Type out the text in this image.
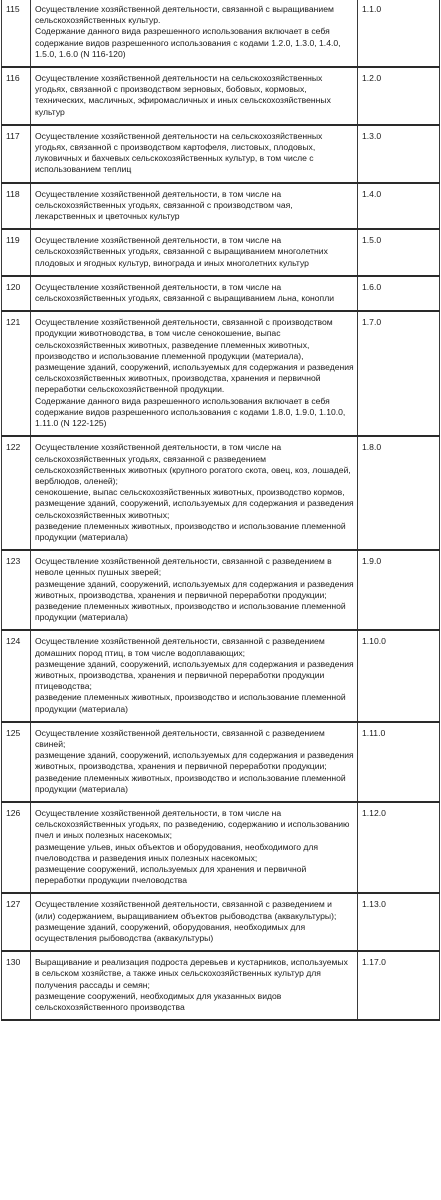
115	Осуществление хозяйственной деятельности, связанной с выращиванием сельскохозяйственных культур.
Содержание данного вида разрешенного использования включает в себя содержание видов разрешенного использования с кодами 1.2.0, 1.3.0, 1.4.0, 1.5.0, 1.6.0 (N 116-120)	1.1.0
116	Осуществление хозяйственной деятельности на сельскохозяйственных угодьях, связанной с производством зерновых, бобовых, кормовых, технических, масличных, эфиромасличных и иных сельскохозяйственных культур	1.2.0
117	Осуществление хозяйственной деятельности на сельскохозяйственных угодьях, связанной с производством картофеля, листовых, плодовых, луковичных и бахчевых сельскохозяйственных культур, в том числе с использованием теплиц	1.3.0
118	Осуществление хозяйственной деятельности, в том числе на сельскохозяйственных угодьях, связанной с производством чая, лекарственных и цветочных культур	1.4.0
119	Осуществление хозяйственной деятельности, в том числе на сельскохозяйственных угодьях, связанной с выращиванием многолетних плодовых и ягодных культур, винограда и иных многолетних культур	1.5.0
120	Осуществление хозяйственной деятельности, в том числе на сельскохозяйственных угодьях, связанной с выращиванием льна, конопли	1.6.0
121	Осуществление хозяйственной деятельности, связанной с производством продукции животноводства, в том числе сенокошение, выпас сельскохозяйственных животных, разведение племенных животных, производство и использование племенной продукции (материала), размещение зданий, сооружений, используемых для содержания и разведения сельскохозяйственных животных, производства, хранения и первичной переработки сельскохозяйственной продукции.
Содержание данного вида разрешенного использования включает в себя содержание видов разрешенного использования с кодами 1.8.0, 1.9.0, 1.10.0, 1.11.0 (N 122-125)	1.7.0
122	Осуществление хозяйственной деятельности, в том числе на сельскохозяйственных угодьях, связанной с разведением сельскохозяйственных животных (крупного рогатого скота, овец, коз, лошадей, верблюдов, оленей);
сенокошение, выпас сельскохозяйственных животных, производство кормов, размещение зданий, сооружений, используемых для содержания и разведения сельскохозяйственных животных;
разведение племенных животных, производство и использование племенной продукции (материала)	1.8.0
123	Осуществление хозяйственной деятельности, связанной с разведением в неволе ценных пушных зверей;
размещение зданий, сооружений, используемых для содержания и разведения животных, производства, хранения и первичной переработки продукции;
разведение племенных животных, производство и использование племенной продукции (материала)	1.9.0
124	Осуществление хозяйственной деятельности, связанной с разведением домашних пород птиц, в том числе водоплавающих;
размещение зданий, сооружений, используемых для содержания и разведения животных, производства, хранения и первичной переработки продукции птицеводства;
разведение племенных животных, производство и использование племенной продукции (материала)	1.10.0
125	Осуществление хозяйственной деятельности, связанной с разведением свиней;
размещение зданий, сооружений, используемых для содержания и разведения животных, производства, хранения и первичной переработки продукции;
разведение племенных животных, производство и использование племенной продукции (материала)	1.11.0
126	Осуществление хозяйственной деятельности, в том числе на сельскохозяйственных угодьях, по разведению, содержанию и использованию пчел и иных полезных насекомых;
размещение ульев, иных объектов и оборудования, необходимого для пчеловодства и разведения иных полезных насекомых;
размещение сооружений, используемых для хранения и первичной переработки продукции пчеловодства	1.12.0
127	Осуществление хозяйственной деятельности, связанной с разведением и (или) содержанием, выращиванием объектов рыбоводства (аквакультуры); размещение зданий, сооружений, оборудования, необходимых для осуществления рыбоводства (аквакультуры)	1.13.0
130	Выращивание и реализация подроста деревьев и кустарников, используемых в сельском хозяйстве, а также иных сельскохозяйственных культур для получения рассады и семян;
размещение сооружений, необходимых для указанных видов сельскохозяйственного производства	1.17.0
